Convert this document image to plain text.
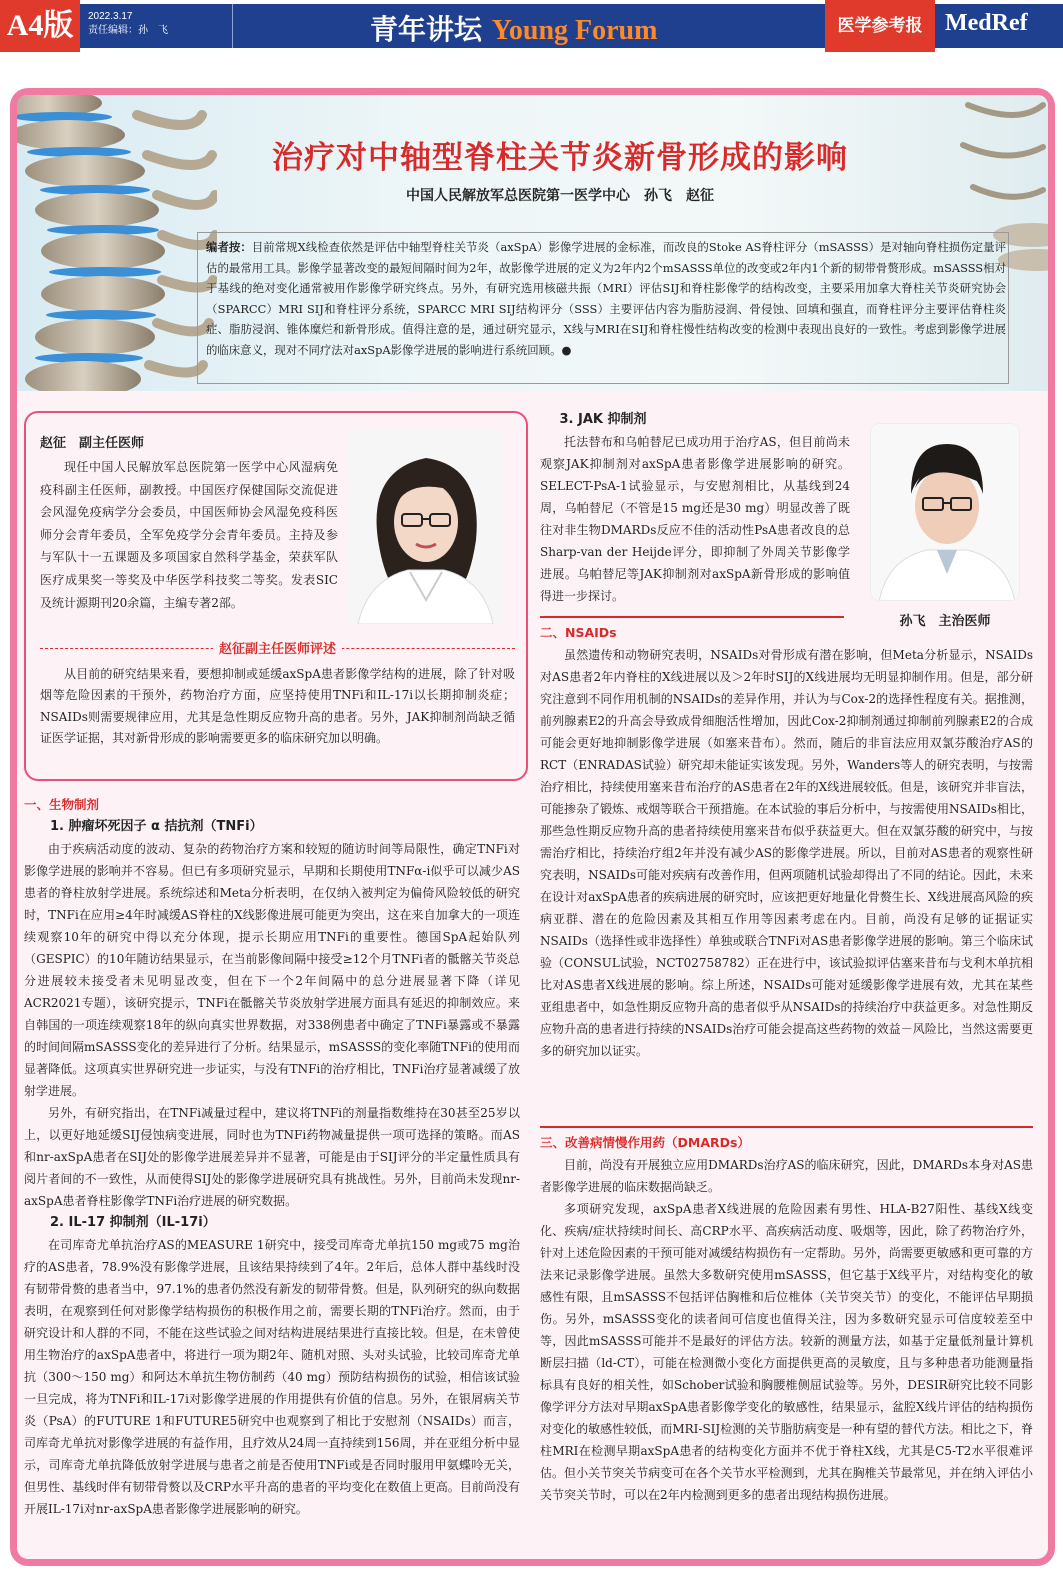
A4版	2022.3.17
责任编辑：孙　飞	青年讲坛 Young Forum	医学参考报 MedRef
治疗对中轴型脊柱关节炎新骨形成的影响
中国人民解放军总医院第一医学中心　孙飞　赵征
编者按：目前常规X线检查依然是评估中轴型脊柱关节炎（axSpA）影像学进展的金标准，而改良的Stoke AS脊柱评分（mSASSS）是对轴向脊柱损伤定量评估的最常用工具。影像学显著改变的最短间隔时间为2年，故影像学进展的定义为2年内2个mSASSS单位的改变或2年内1个新的韧带骨赘形成。mSASSS相对于基线的绝对变化通常被用作影像学研究终点。另外，有研究选用核磁共振（MRI）评估SIJ和脊柱影像学的结构改变，主要采用加拿大脊柱关节炎研究协会（SPARCC）MRI SIJ和脊柱评分系统，SPARCC MRI SIJ结构评分（SSS）主要评估内容为脂肪浸润、骨侵蚀、回填和强直，而脊柱评分主要评估脊柱炎症、脂肪浸润、锥体糜烂和新骨形成。值得注意的是，通过研究显示，X线与MRI在SIJ和脊柱慢性结构改变的检测中表现出良好的一致性。考虑到影像学进展的临床意义，现对不同疗法对axSpA影像学进展的影响进行系统回顾。●
赵征　副主任医师
现任中国人民解放军总医院第一医学中心风湿病免疫科副主任医师，副教授。中国医疗保健国际交流促进会风湿免疫病学分会委员，中国医师协会风湿免疫科医师分会青年委员，全军免疫学分会青年委员。主持及参与军队十一五课题及多项国家自然科学基金，荣获军队医疗成果奖一等奖及中华医学科技奖二等奖。发表SIC及统计源期刊20余篇，主编专著2部。
赵征副主任医师评述
从目前的研究结果来看，要想抑制或延缓axSpA患者影像学结构的进展，除了针对吸烟等危险因素的干预外，药物治疗方面，应坚持使用TNFi和IL-17i以长期抑制炎症；NSAIDs则需要规律应用，尤其是急性期反应物升高的患者。另外，JAK抑制剂尚缺乏循证医学证据，其对新骨形成的影响需要更多的临床研究加以明确。
一、生物制剂
1. 肿瘤坏死因子 α 拮抗剂（TNFi）
由于疾病活动度的波动、复杂的药物治疗方案和较短的随访时间等局限性，确定TNFi对影像学进展的影响并不容易。但已有多项研究显示，早期和长期使用TNFα-i似乎可以减少AS患者的脊柱放射学进展。系统综述和Meta分析表明，在仅纳入被判定为偏倚风险较低的研究时，TNFi在应用≥4年时减缓AS脊柱的X线影像进展可能更为突出，这在来自加拿大的一项连续观察10年的研究中得以充分体现，提示长期应用TNFi的重要性。德国SpA起始队列（GESPIC）的10年随访结果显示，在当前影像间隔中接受≥12个月TNFi者的骶髂关节炎总分进展较未接受者未见明显改变，但在下一个2年间隔中的总分进展显著下降（详见ACR2021专题），该研究提示，TNFi在骶髂关节炎放射学进展方面具有延迟的抑制效应。来自韩国的一项连续观察18年的纵向真实世界数据，对338例患者中确定了TNFi暴露或不暴露的时间间隔mSASSS变化的差异进行了分析。结果显示，mSASSS的变化率随TNFi的使用而显著降低。这项真实世界研究进一步证实，与没有TNFi的治疗相比，TNFi治疗显著减缓了放射学进展。
另外，有研究指出，在TNFi减量过程中，建议将TNFi的剂量指数维持在30甚至25岁以上，以更好地延缓SIJ侵蚀病变进展，同时也为TNFi药物减量提供一项可选择的策略。而AS和nr-axSpA患者在SIJ处的影像学进展差异并不显著，可能是由于SIJ评分的半定量性质具有阅片者间的不一致性，从而使得SIJ处的影像学进展研究具有挑战性。另外，目前尚未发现nr-axSpA患者脊柱影像学TNFi治疗进展的研究数据。
2. IL-17 抑制剂（IL-17i）
在司库奇尤单抗治疗AS的MEASURE 1研究中，接受司库奇尤单抗150 mg或75 mg治疗的AS患者，78.9%没有影像学进展，且该结果持续到了4年。2年后，总体人群中基线时没有韧带骨赘的患者当中，97.1%的患者仍然没有新发的韧带骨赘。但是，队列研究的纵向数据表明，在观察到任何对影像学结构损伤的积极作用之前，需要长期的TNFi治疗。然而，由于研究设计和人群的不同，不能在这些试验之间对结构进展结果进行直接比较。但是，在未曾使用生物治疗的axSpA患者中，将进行一项为期2年、随机对照、头对头试验，比较司库奇尤单抗（300～150 mg）和阿达木单抗生物仿制药（40 mg）预防结构损伤的试验，相信该试验一旦完成，将为TNFi和IL-17i对影像学进展的作用提供有价值的信息。另外，在银屑病关节炎（PsA）的FUTURE 1和FUTURE5研究中也观察到了相比于安慰剂（NSAIDs）而言，司库奇尤单抗对影像学进展的有益作用，且疗效从24周一直持续到156周，并在亚组分析中显示，司库奇尤单抗降低放射学进展与患者之前是否使用TNFi或是否同时服用甲氨蝶呤无关，但男性、基线时伴有韧带骨赘以及CRP水平升高的患者的平均变化在数值上更高。目前尚没有开展IL-17i对nr-axSpA患者影像学进展影响的研究。
3. JAK 抑制剂
托法替布和乌帕替尼已成功用于治疗AS，但目前尚未观察JAK抑制剂对axSpA患者影像学进展影响的研究。SELECT-PsA-1试验显示，与安慰剂相比，从基线到24周，乌帕替尼（不管是15 mg还是30 mg）明显改善了既往对非生物DMARDs反应不佳的活动性PsA患者改良的总Sharp-van der Heijde评分，即抑制了外周关节影像学进展。乌帕替尼等JAK抑制剂对axSpA新骨形成的影响值得进一步探讨。
孙飞　主治医师
二、NSAIDs
虽然遗传和动物研究表明，NSAIDs对骨形成有潜在影响，但Meta分析显示，NSAIDs对AS患者2年内脊柱的X线进展以及＞2年时SIJ的X线进展均无明显抑制作用。但是，部分研究注意到不同作用机制的NSAIDs的差异作用，并认为与Cox-2的选择性程度有关。据推测，前列腺素E2的升高会导致成骨细胞活性增加，因此Cox-2抑制剂通过抑制前列腺素E2的合成可能会更好地抑制影像学进展（如塞来昔布）。然而，随后的非盲法应用双氯芬酸治疗AS的RCT（ENRADAS试验）研究却未能证实该发现。另外，Wanders等人的研究表明，与按需治疗相比，持续使用塞来昔布治疗的AS患者在2年的X线进展较低。但是，该研究并非盲法，可能掺杂了锻炼、戒烟等联合干预措施。在本试验的事后分析中，与按需使用NSAIDs相比，那些急性期反应物升高的患者持续使用塞来昔布似乎获益更大。但在双氯芬酸的研究中，与按需治疗相比，持续治疗组2年并没有减少AS的影像学进展。所以，目前对AS患者的观察性研究表明，NSAIDs可能对疾病有改善作用，但两项随机试验却得出了不同的结论。因此，未来在设计对axSpA患者的疾病进展的研究时，应该把更好地量化骨赘生长、X线进展高风险的疾病亚群、潜在的危险因素及其相互作用等因素考虑在内。目前，尚没有足够的证据证实NSAIDs（选择性或非选择性）单独或联合TNFi对AS患者影像学进展的影响。第三个临床试验（CONSUL试验，NCT02758782）正在进行中，该试验拟评估塞来昔布与戈利木单抗相比对AS患者X线进展的影响。综上所述，NSAIDs可能对延缓影像学进展有效，尤其在某些亚组患者中，如急性期反应物升高的患者似乎从NSAIDs的持续治疗中获益更多。对急性期反应物升高的患者进行持续的NSAIDs治疗可能会提高这些药物的效益－风险比，当然这需要更多的研究加以证实。
三、改善病情慢作用药（DMARDs）
目前，尚没有开展独立应用DMARDs治疗AS的临床研究，因此，DMARDs本身对AS患者影像学进展的临床数据尚缺乏。
多项研究发现，axSpA患者X线进展的危险因素有男性、HLA-B27阳性、基线X线变化、疾病/症状持续时间长、高CRP水平、高疾病活动度、吸烟等，因此，除了药物治疗外，针对上述危险因素的干预可能对减缓结构损伤有一定帮助。另外，尚需要更敏感和更可靠的方法来记录影像学进展。虽然大多数研究使用mSASSS，但它基于X线平片，对结构变化的敏感性有限，且mSASSS不包括评估胸椎和后位椎体（关节突关节）的变化，不能评估早期损伤。另外，mSASSS变化的读者间可信度也值得关注，因为多数研究显示可信度较差至中等，因此mSASSS可能并不是最好的评估方法。较新的测量方法，如基于定量低剂量计算机断层扫描（ld-CT），可能在检测微小变化方面提供更高的灵敏度，且与多种患者功能测量指标具有良好的相关性，如Schober试验和胸腰椎侧屈试验等。另外，DESIR研究比较不同影像学评分方法对早期axSpA患者影像学变化的敏感性，结果显示，盆腔X线片评估的结构损伤对变化的敏感性较低，而MRI-SIJ检测的关节脂肪病变是一种有望的替代方法。相比之下，脊柱MRI在检测早期axSpA患者的结构变化方面并不优于脊柱X线，尤其是C5-T2水平很难评估。但小关节突关节病变可在各个关节水平检测到，尤其在胸椎关节最常见，并在纳入评估小关节突关节时，可以在2年内检测到更多的患者出现结构损伤进展。
